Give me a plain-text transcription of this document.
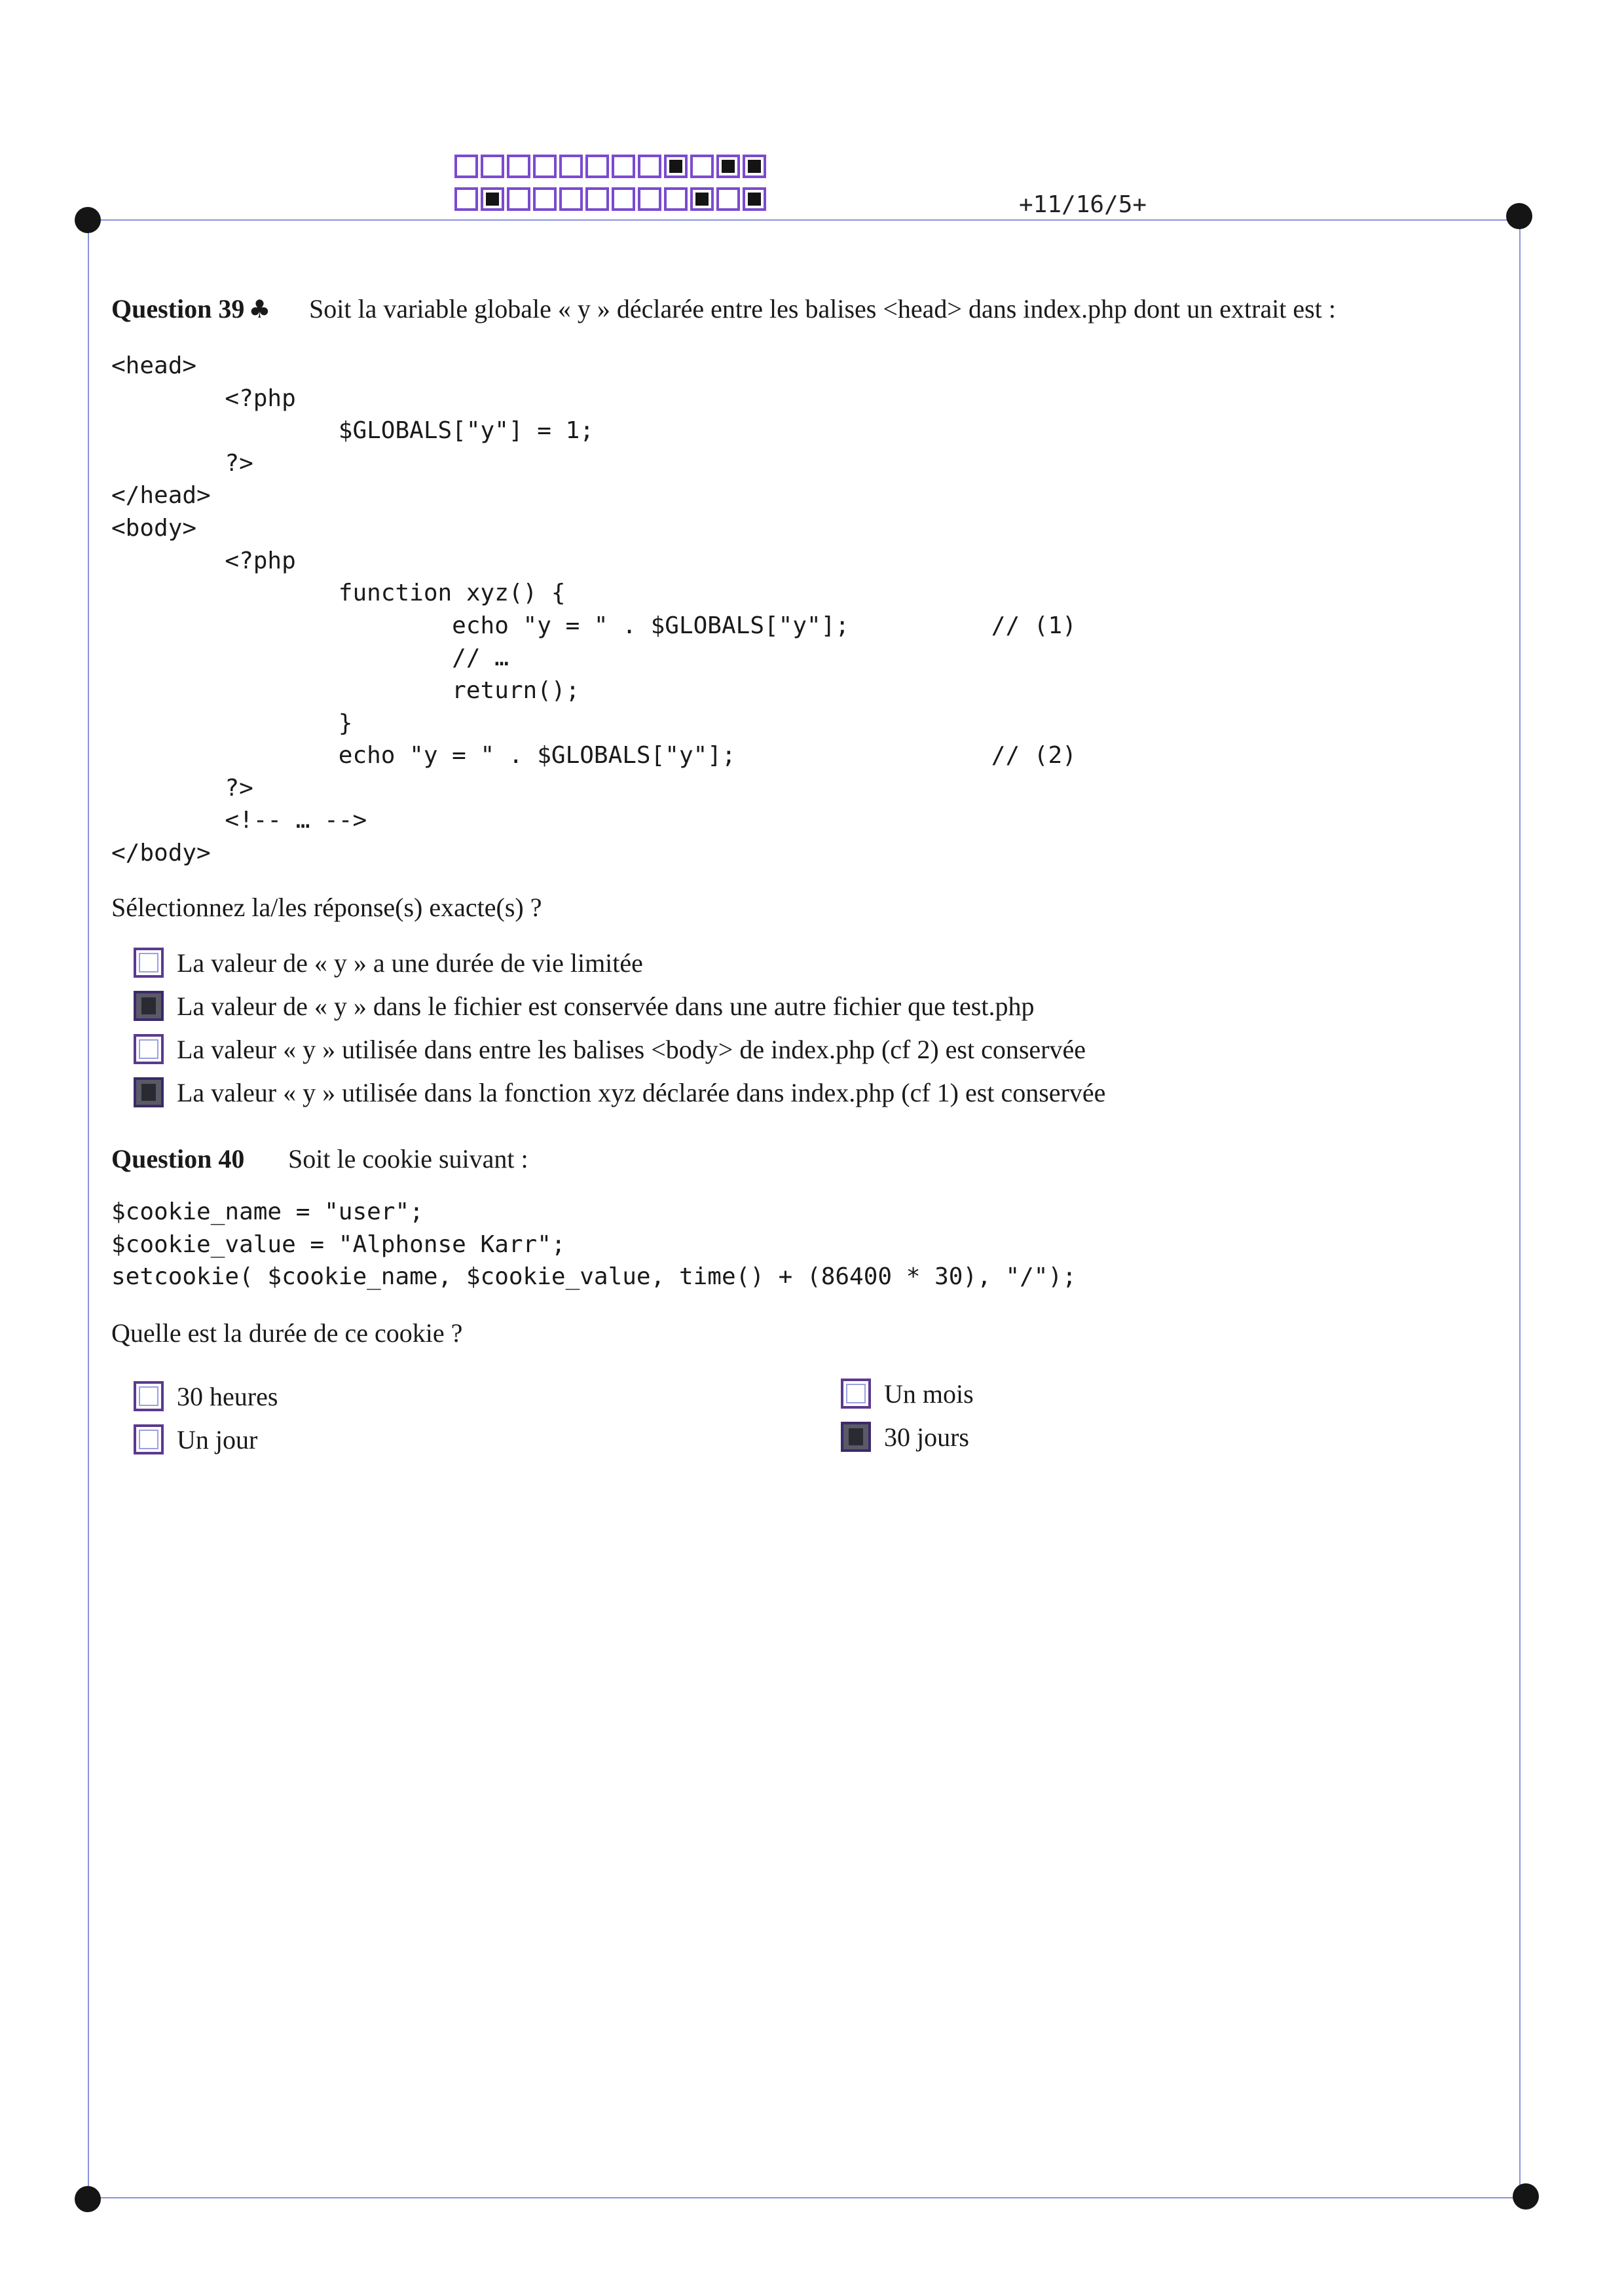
+11/16/5+
Question 39 ♣ Soit la variable globale « y » déclarée entre les balises <head> dans index.php dont un extrait est :
<head>
<?php
$GLOBALS["y"] = 1;
?>
</head>
<body>
<?php
function xyz() {
echo "y = " . $GLOBALS["y"];          // (1)
// …
return();
}
echo "y = " . $GLOBALS["y"];                  // (2)
?>
<!-- … -->
</body>
Sélectionnez la/les réponse(s) exacte(s) ?
La valeur de « y » a une durée de vie limitée
La valeur de « y » dans le fichier est conservée dans une autre fichier que test.php
La valeur « y » utilisée dans entre les balises <body> de index.php (cf 2) est conservée
La valeur « y » utilisée dans la fonction xyz déclarée dans index.php (cf 1) est conservée
Question 40 Soit le cookie suivant :
$cookie_name = "user";
$cookie_value = "Alphonse Karr";
setcookie( $cookie_name, $cookie_value, time() + (86400 * 30), "/");
Quelle est la durée de ce cookie ?
30 heures
Un jour
Un mois
30 jours
